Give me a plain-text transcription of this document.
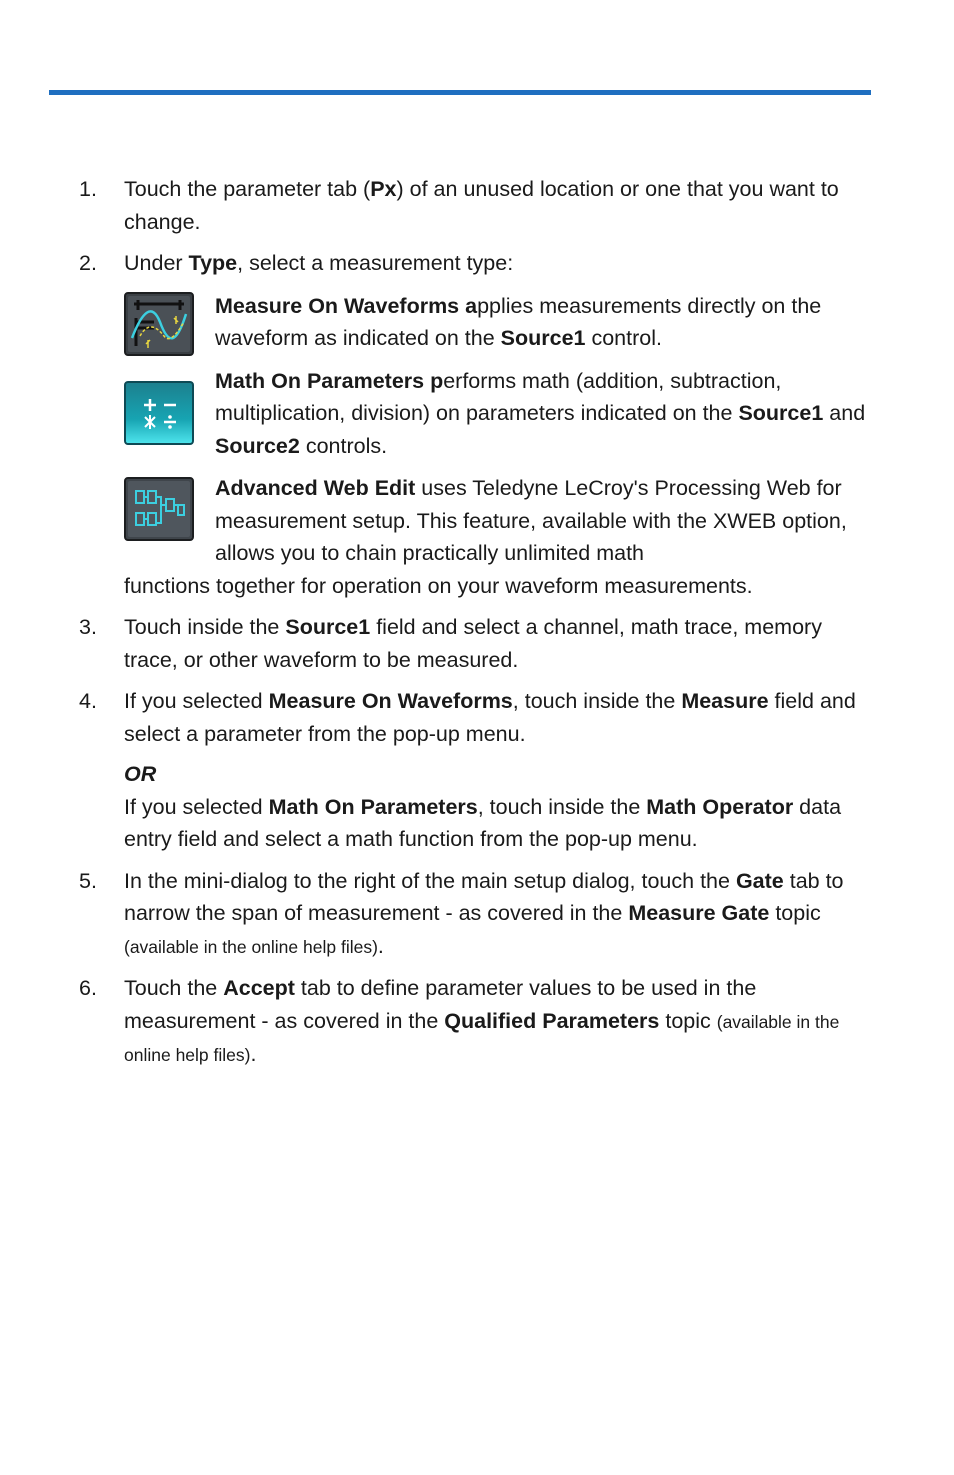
1. Touch the parameter tab (Px) of an unused location or one that you want to change.
2. Under Type, select a measurement type:
Measure On Waveforms applies measurements directly on the waveform as indicated on the Source1 control.
Math On Parameters performs math (addition, subtraction, multiplication, division) on parameters indicated on the Source1 and Source2 controls.
Advanced Web Edit uses Teledyne LeCroy's Processing Web for measurement setup. This feature, available with the XWEB option, allows you to chain practically unlimited math
functions together for operation on your waveform measurements.
3. Touch inside the Source1 field and select a channel, math trace, memory trace, or other waveform to be measured.
4. If you selected Measure On Waveforms, touch inside the Measure field and select a parameter from the pop-up menu.
OR
If you selected Math On Parameters, touch inside the Math Operator data entry field and select a math function from the pop-up menu.
5. In the mini-dialog to the right of the main setup dialog, touch the Gate tab to narrow the span of measurement - as covered in the Measure Gate topic (available in the online help files).
6. Touch the Accept tab to define parameter values to be used in the measurement - as covered in the Qualified Parameters topic (available in the online help files).
